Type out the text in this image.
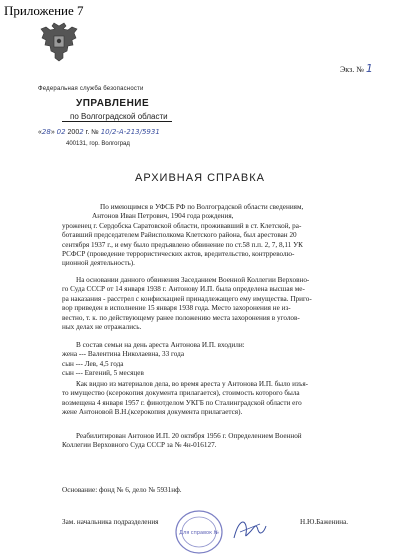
Приложение 7
Экз. № 1
Федеральная служба безопасности
УПРАВЛЕНИЕ
по Волгоградской области
«28» 02 2002 г. № 10/2-А-213/5931
400131, гор. Волгоград
АРХИВНАЯ СПРАВКА
По имеющимся в УФСБ РФ по Волгоградской области сведениям,
Антонов Иван Петрович, 1904 года рождения,
уроженец г. Сердобска Саратовской области, проживавший в ст. Клетской, ра-
ботавший председателем Райисполкома Клетского района, был арестован 20
сентября 1937 г., и ему было предъявлено обвинение по ст.58 п.п. 2, 7, 8,11 УК
РСФСР (проведение террористических актов, вредительство, контрреволю-
ционной деятельность).
На основании данного обвинения Заседанием Военной Коллегии Верховно-
го Суда СССР от 14 января 1938 г. Антонову И.П. была определена высшая ме-
ра наказания - расстрел с конфискацией принадлежащего ему имущества. Приго-
вор приведен в исполнение 15 января 1938 года. Место захоронения не из-
вестно, т. к. по действующему ранее положению места захоронения в уголов-
ных делах не отражались.
В состав семьи на день ареста Антонова И.П. входили:
жена --- Валентина Николаевна, 33 года
сын --- Лев, 4,5 года
сын --- Евгений, 5 месяцев
Как видно из материалов дела, во время ареста у Антонова И.П. было изъя-
то имущество (ксерокопия документа прилагается), стоимость которого была
возмещена 4 января 1957 г. финотделом УКГБ по Сталинградской области его
жене Антоновой В.Н.(ксерокопия документа прилагается).
Реабилитирован Антонов И.П. 20 октября 1956 г. Определением Военной
Коллегии Верховного Суда СССР за № 4н-016127.
Основание: фонд № 6, дело № 5931нф.
Зам. начальника подразделения	Н.Ю.Баженина.
Для справок №
